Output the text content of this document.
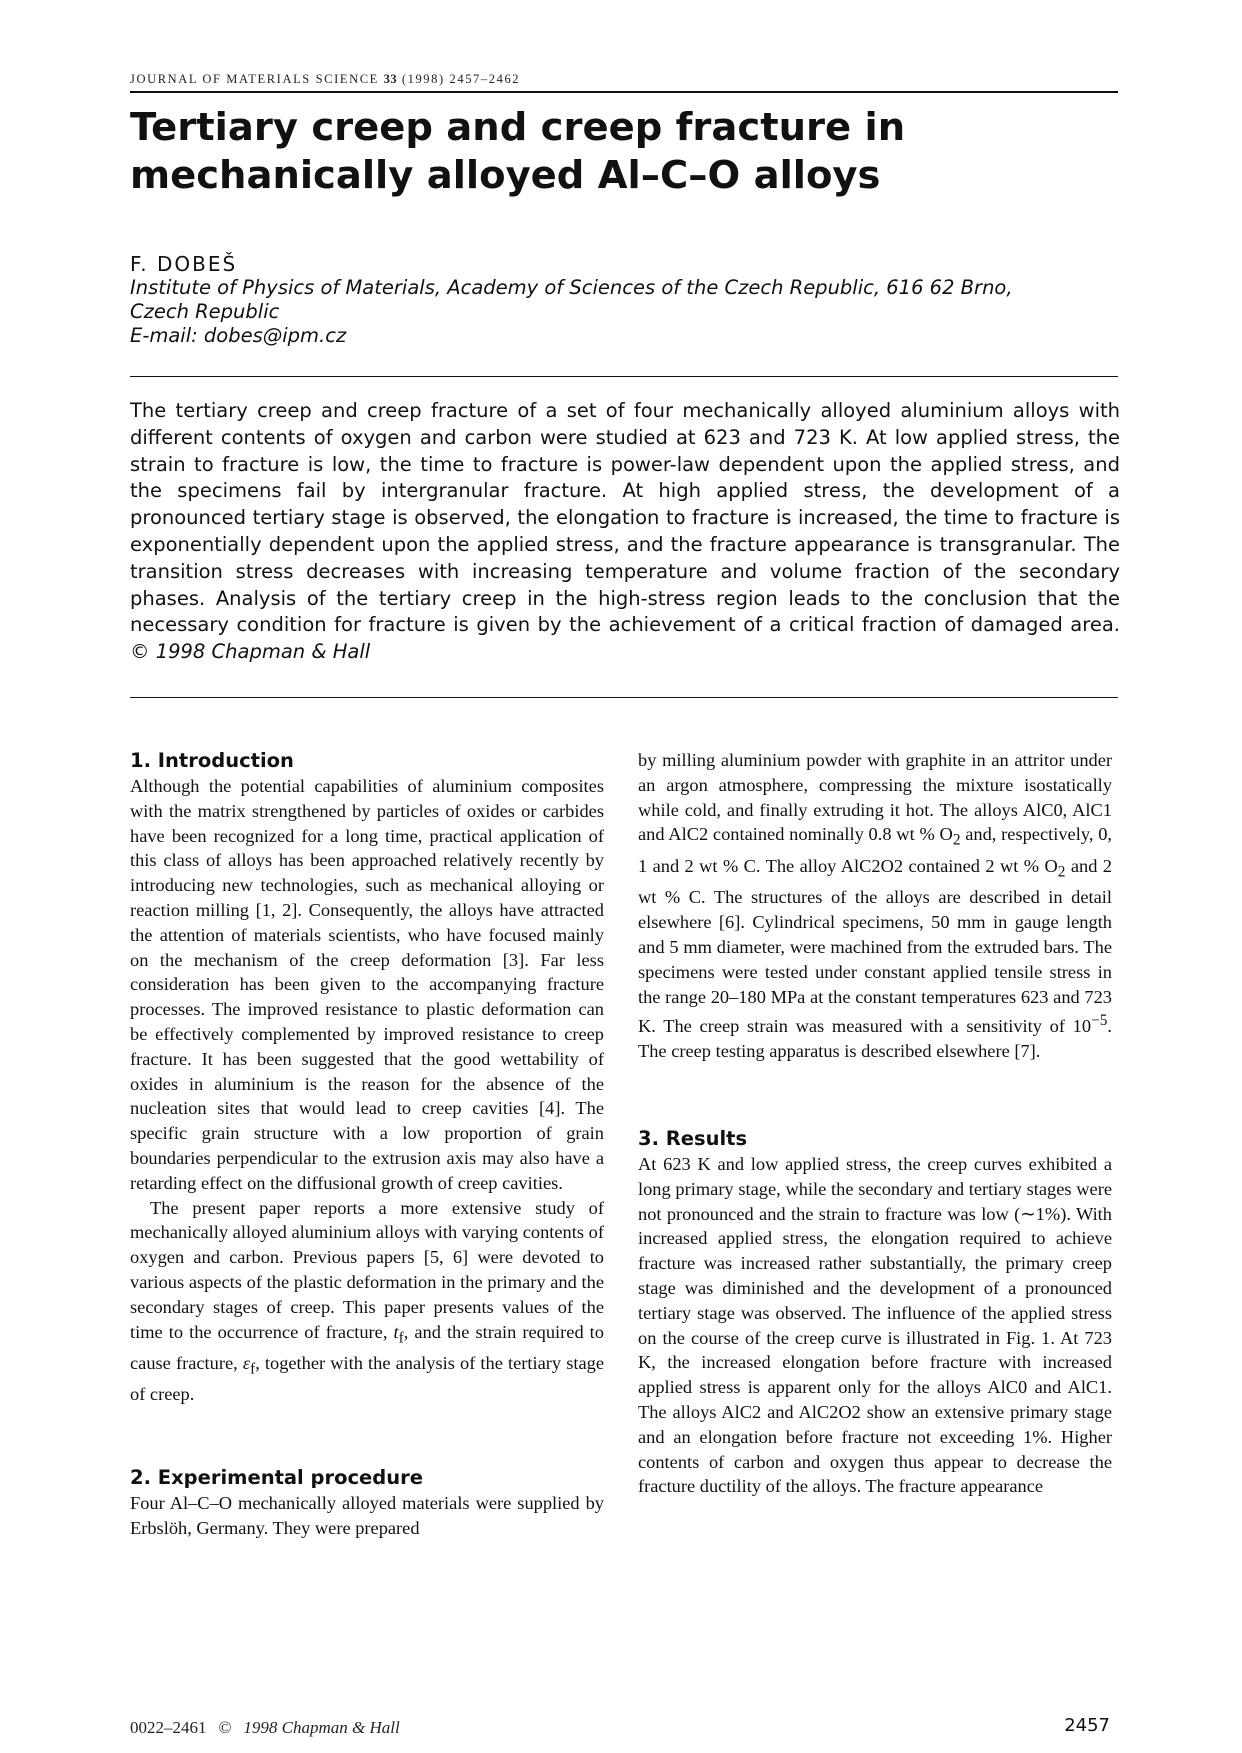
JOURNAL OF MATERIALS SCIENCE 33 (1998) 2457–2462
Tertiary creep and creep fracture in mechanically alloyed Al–C–O alloys
F. DOBEŠ
Institute of Physics of Materials, Academy of Sciences of the Czech Republic, 616 62 Brno,
Czech Republic
E-mail: dobes@ipm.cz

The tertiary creep and creep fracture of a set of four mechanically alloyed aluminium alloys with different contents of oxygen and carbon were studied at 623 and 723 K. At low applied stress, the strain to fracture is low, the time to fracture is power-law dependent upon the applied stress, and the specimens fail by intergranular fracture. At high applied stress, the development of a pronounced tertiary stage is observed, the elongation to fracture is increased, the time to fracture is exponentially dependent upon the applied stress, and the fracture appearance is transgranular. The transition stress decreases with increasing temperature and volume fraction of the secondary phases. Analysis of the tertiary creep in the high-stress region leads to the conclusion that the necessary condition for fracture is given by the achievement of a critical fraction of damaged area. © 1998 Chapman & Hall

1. Introduction

Although the potential capabilities of aluminium composites with the matrix strengthened by particles of oxides or carbides have been recognized for a long time, practical application of this class of alloys has been approached relatively recently by introducing new technologies, such as mechanical alloying or reaction milling [1, 2]. Consequently, the alloys have attracted the attention of materials scientists, who have focused mainly on the mechanism of the creep deformation [3]. Far less consideration has been given to the accompanying fracture processes. The improved resistance to plastic deformation can be effectively complemented by improved resistance to creep fracture. It has been suggested that the good wettability of oxides in aluminium is the reason for the absence of the nucleation sites that would lead to creep cavities [4]. The specific grain structure with a low proportion of grain boundaries perpendicular to the extrusion axis may also have a retarding effect on the diffusional growth of creep cavities.

The present paper reports a more extensive study of mechanically alloyed aluminium alloys with varying contents of oxygen and carbon. Previous papers [5, 6] were devoted to various aspects of the plastic deformation in the primary and the secondary stages of creep. This paper presents values of the time to the occurrence of fracture, $t_f$, and the strain required to cause fracture, $\varepsilon_f$, together with the analysis of the tertiary stage of creep.

2. Experimental procedure

Four Al–C–O mechanically alloyed materials were supplied by Erbslöh, Germany. They were prepared

by milling aluminium powder with graphite in an attritor under an argon atmosphere, compressing the mixture isostatically while cold, and finally extruding it hot. The alloys AlC0, AlC1 and AlC2 contained nominally 0.8 wt % $O_2$ and, respectively, 0, 1 and 2 wt % C. The alloy AlC2O2 contained 2 wt % $O_2$ and 2 wt % C. The structures of the alloys are described in detail elsewhere [6]. Cylindrical specimens, 50 mm in gauge length and 5 mm diameter, were machined from the extruded bars. The specimens were tested under constant applied tensile stress in the range 20–180 MPa at the constant temperatures 623 and 723 K. The creep strain was measured with a sensitivity of $10^{-5}$. The creep testing apparatus is described elsewhere [7].

3. Results

At 623 K and low applied stress, the creep curves exhibited a long primary stage, while the secondary and tertiary stages were not pronounced and the strain to fracture was low (∼1%). With increased applied stress, the elongation required to achieve fracture was increased rather substantially, the primary creep stage was diminished and the development of a pronounced tertiary stage was observed. The influence of the applied stress on the course of the creep curve is illustrated in Fig. 1. At 723 K, the increased elongation before fracture with increased applied stress is apparent only for the alloys AlC0 and AlC1. The alloys AlC2 and AlC2O2 show an extensive primary stage and an elongation before fracture not exceeding 1%. Higher contents of carbon and oxygen thus appear to decrease the fracture ductility of the alloys. The fracture appearance

0022–2461 © 1998 Chapman & Hall	2457
